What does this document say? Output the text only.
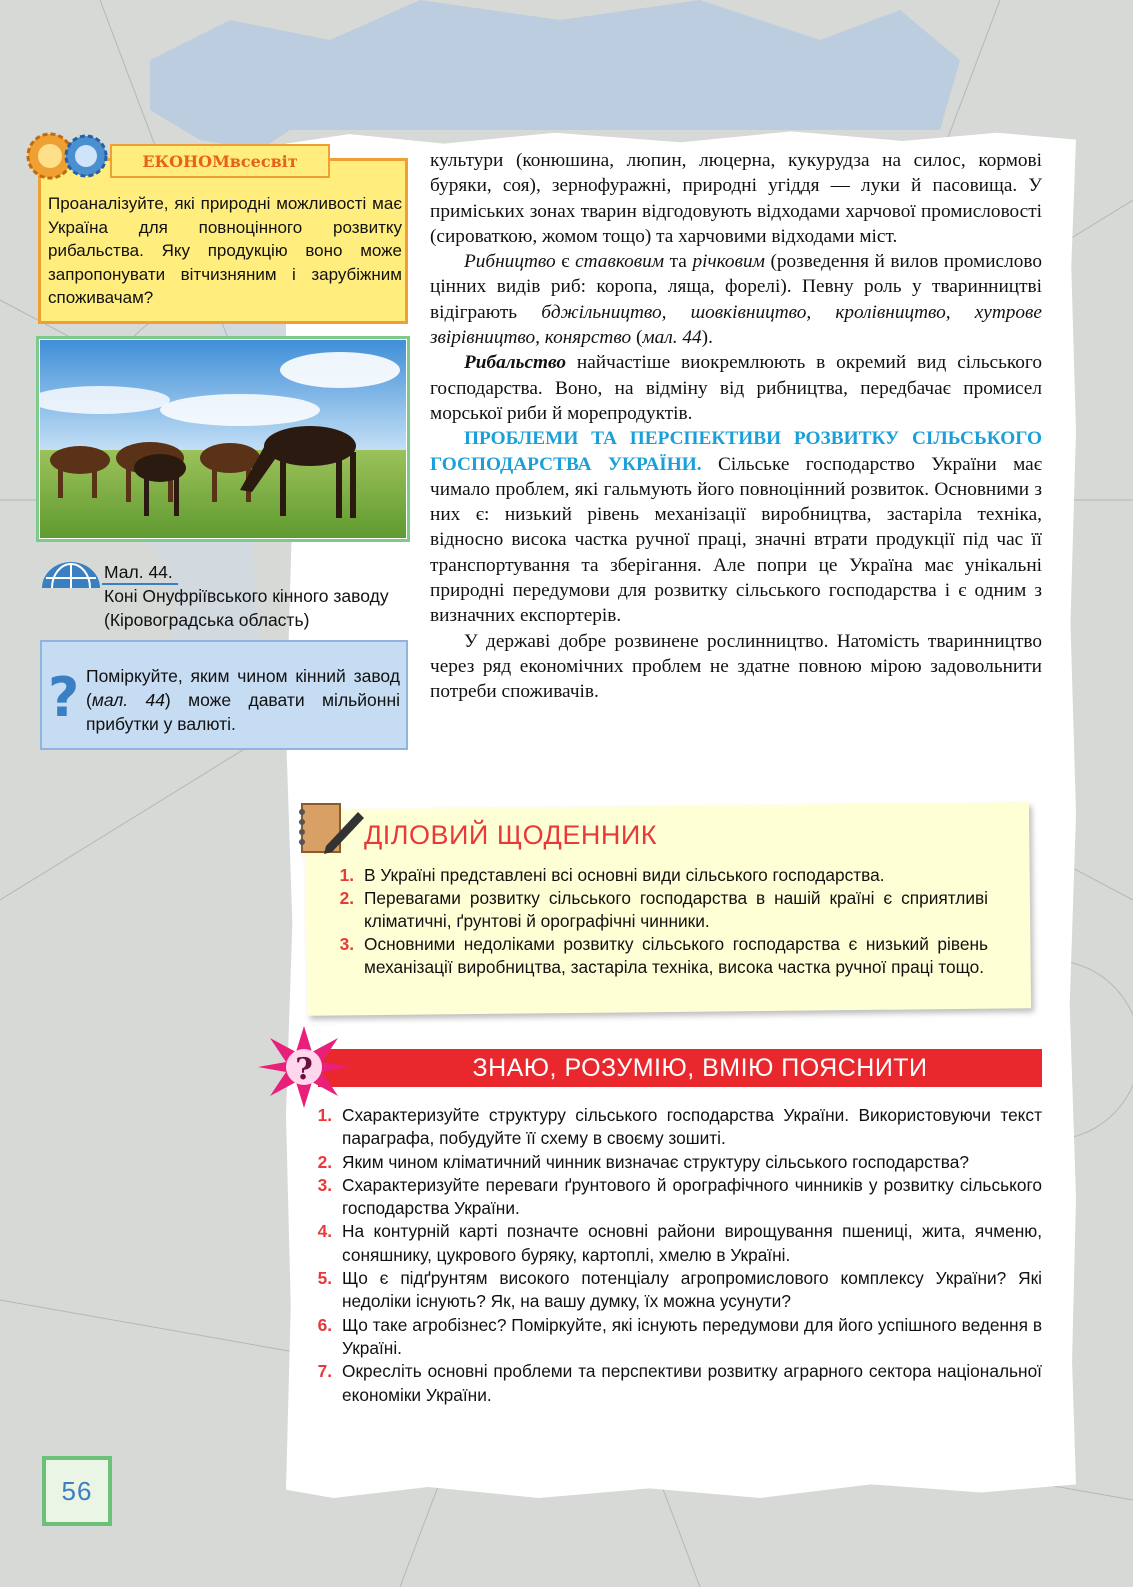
ЕКОНОМвсесвіт
Проаналізуйте, які природні можливості має Україна для повноцінного розвитку рибальства. Яку продукцію воно може запропонувати вітчизняним і зарубіжним споживачам?
Мал. 44.
Коні Онуфріївського кінного заводу (Кіровоградська область)
? Поміркуйте, яким чином кінний завод (мал. 44) може давати мільйонні прибутки у валюті.

культури (конюшина, люпин, люцерна, кукурудза на силос, кормові буряки, соя), зернофуражні, природні угіддя — луки й пасовища. У приміських зонах тварин відгодовують відходами харчової промисловості (сироваткою, жомом тощо) та харчовими відходами міст.

Рибництво є ставковим та річковим (розведення й вилов промислово цінних видів риб: коропа, ляща, форелі). Певну роль у тваринництві відіграють бджільництво, шовківництво, кролівництво, хутрове звірівництво, конярство (мал. 44).

Рибальство найчастіше виокремлюють в окремий вид сільського господарства. Воно, на відміну від рибництва, передбачає промисел морської риби й морепродуктів.

ПРОБЛЕМИ ТА ПЕРСПЕКТИВИ РОЗВИТКУ СІЛЬСЬКОГО ГОСПОДАРСТВА УКРАЇНИ. Сільське господарство України має чимало проблем, які гальмують його повноцінний розвиток. Основними з них є: низький рівень механізації виробництва, застаріла техніка, відносно висока частка ручної праці, значні втрати продукції під час її транспортування та зберігання. Але попри це Україна має унікальні природні передумови для розвитку сільського господарства і є одним з визначних експортерів.

У державі добре розвинене рослинництво. Натомість тваринництво через ряд економічних проблем не здатне повною мірою задовольнити потреби споживачів.

ДІЛОВИЙ ЩОДЕННИК
1. В Україні представлені всі основні види сільського господарства.
2. Перевагами розвитку сільського господарства в нашій країні є сприятливі кліматичні, ґрунтові й орографічні чинники.
3. Основними недоліками розвитку сільського господарства є низький рівень механізації виробництва, застаріла техніка, висока частка ручної праці тощо.
ЗНАЮ, РОЗУМІЮ, ВМІЮ ПОЯСНИТИ
?
1. Схарактеризуйте структуру сільського господарства України. Використовуючи текст параграфа, побудуйте її схему в своєму зошиті.
2. Яким чином кліматичний чинник визначає структуру сільського господарства?
3. Схарактеризуйте переваги ґрунтового й орографічного чинників у розвитку сільського господарства України.
4. На контурній карті позначте основні райони вирощування пшениці, жита, ячменю, соняшнику, цукрового буряку, картоплі, хмелю в Україні.
5. Що є підґрунтям високого потенціалу агропромислового комплексу України? Які недоліки існують? Як, на вашу думку, їх можна усунути?
6. Що таке агробізнес? Поміркуйте, які існують передумови для його успішного ведення в Україні.
7. Окресліть основні проблеми та перспективи розвитку аграрного сектора національної економіки України.
56
